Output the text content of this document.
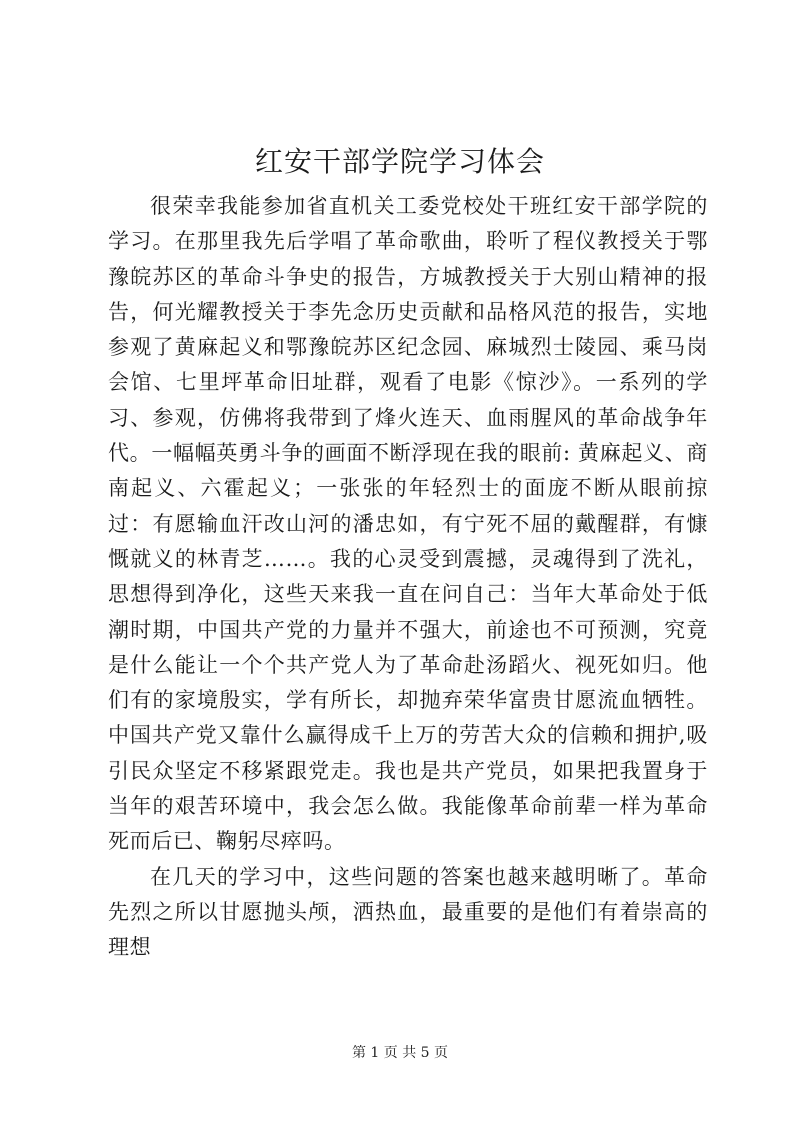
红安干部学院学习体会

很荣幸我能参加省直机关工委党校处干班红安干部学院的学习。在那里我先后学唱了革命歌曲，聆听了程仪教授关于鄂豫皖苏区的革命斗争史的报告，方城教授关于大别山精神的报告，何光耀教授关于李先念历史贡献和品格风范的报告，实地参观了黄麻起义和鄂豫皖苏区纪念园、麻城烈士陵园、乘马岗会馆、七里坪革命旧址群，观看了电影《惊沙》。一系列的学习、参观，仿佛将我带到了烽火连天、血雨腥风的革命战争年代。一幅幅英勇斗争的画面不断浮现在我的眼前: 黄麻起义、商南起义、六霍起义；一张张的年轻烈士的面庞不断从眼前掠过：有愿输血汗改山河的潘忠如，有宁死不屈的戴醒群，有慷慨就义的林青芝……。我的心灵受到震撼，灵魂得到了洗礼，思想得到净化，这些天来我一直在问自己：当年大革命处于低潮时期，中国共产党的力量并不强大，前途也不可预测，究竟是什么能让一个个共产党人为了革命赴汤蹈火、视死如归。他们有的家境殷实，学有所长，却抛弃荣华富贵甘愿流血牺牲。中国共产党又靠什么赢得成千上万的劳苦大众的信赖和拥护,吸引民众坚定不移紧跟党走。我也是共产党员，如果把我置身于当年的艰苦环境中，我会怎么做。我能像革命前辈一样为革命死而后已、鞠躬尽瘁吗。

在几天的学习中，这些问题的答案也越来越明晰了。革命先烈之所以甘愿抛头颅，洒热血，最重要的是他们有着崇高的理想

第 1 页 共 5 页
